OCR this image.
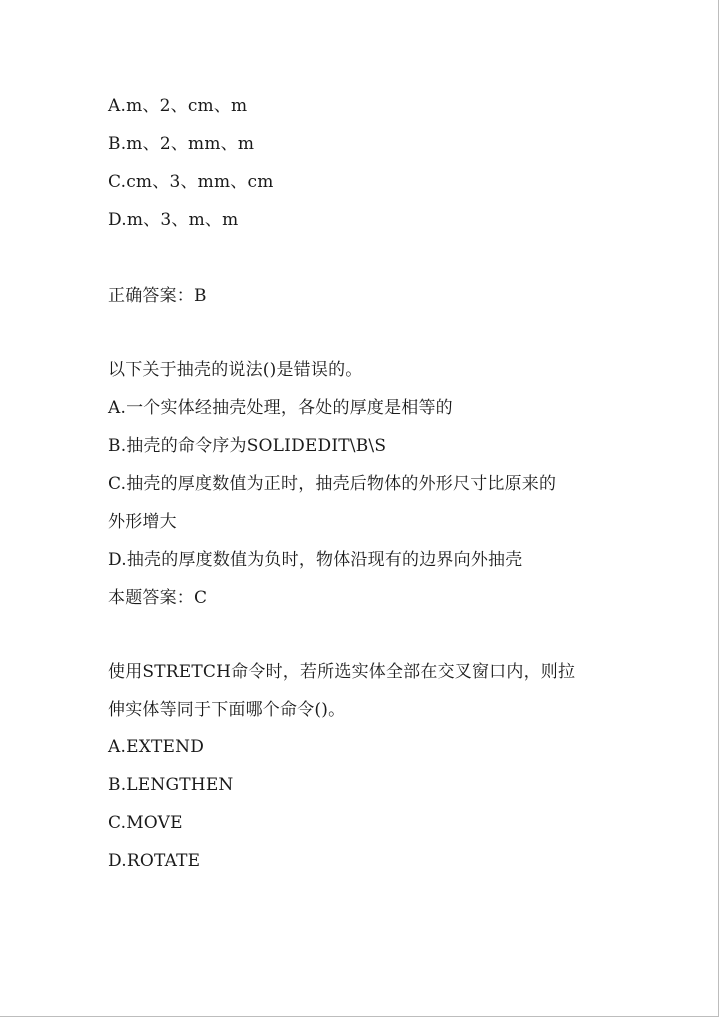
A.m、2、cm、m
B.m、2、mm、m
C.cm、3、mm、cm
D.m、3、m、m
正确答案：B
以下关于抽壳的说法()是错误的。
A.一个实体经抽壳处理，各处的厚度是相等的
B.抽壳的命令序为SOLIDEDIT\B\S
C.抽壳的厚度数值为正时，抽壳后物体的外形尺寸比原来的
外形增大
D.抽壳的厚度数值为负时，物体沿现有的边界向外抽壳
本题答案：C
使用STRETCH命令时，若所选实体全部在交叉窗口内，则拉
伸实体等同于下面哪个命令()。
A.EXTEND
B.LENGTHEN
C.MOVE
D.ROTATE
